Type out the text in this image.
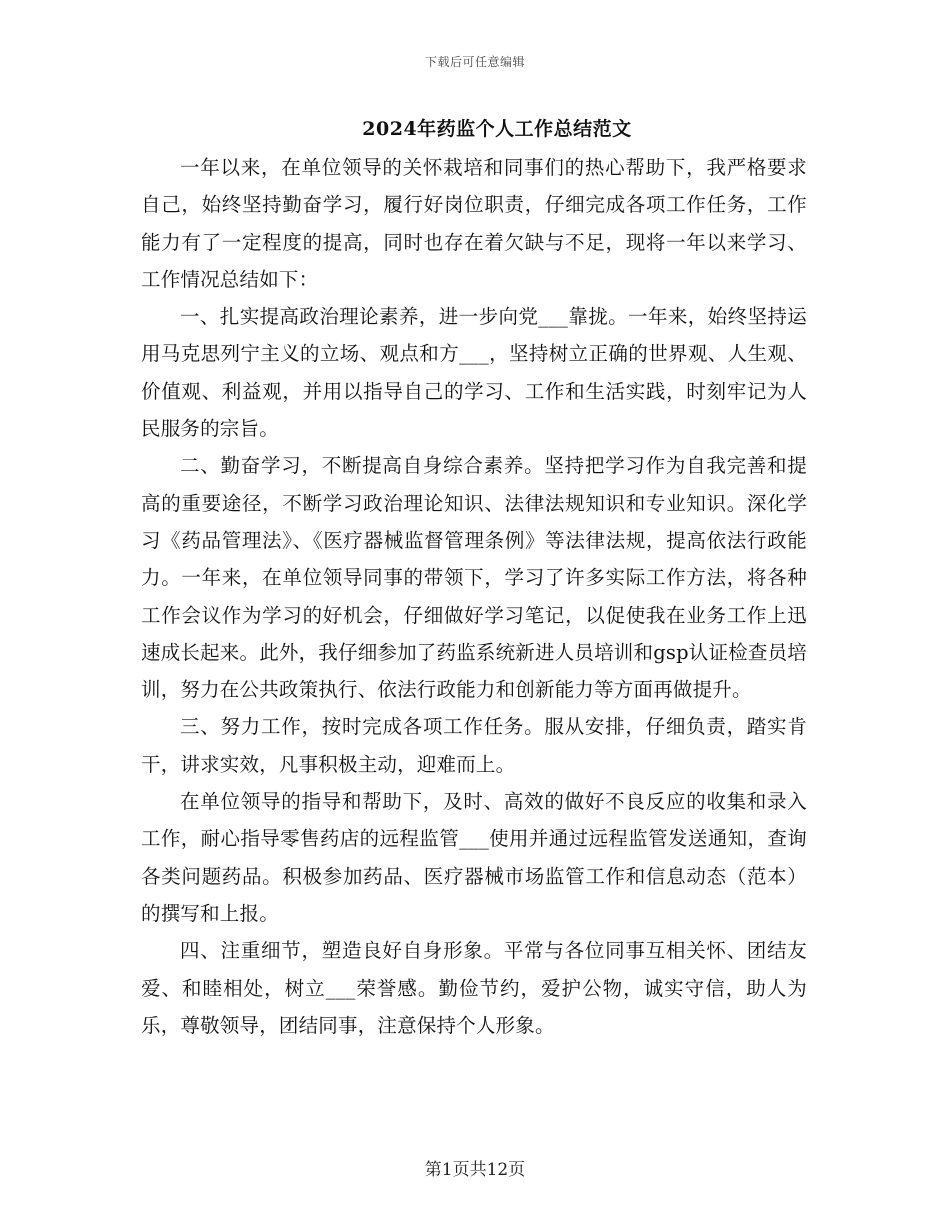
下载后可任意编辑
2024年药监个人工作总结范文

一年以来，在单位领导的关怀栽培和同事们的热心帮助下，我严格要求自己，始终坚持勤奋学习，履行好岗位职责，仔细完成各项工作任务，工作能力有了一定程度的提高，同时也存在着欠缺与不足，现将一年以来学习、工作情况总结如下：

一、扎实提高政治理论素养，进一步向党___靠拢。一年来，始终坚持运用马克思列宁主义的立场、观点和方___，坚持树立正确的世界观、人生观、价值观、利益观，并用以指导自己的学习、工作和生活实践，时刻牢记为人民服务的宗旨。

二、勤奋学习，不断提高自身综合素养。坚持把学习作为自我完善和提高的重要途径，不断学习政治理论知识、法律法规知识和专业知识。深化学习《药品管理法》、《医疗器械监督管理条例》等法律法规，提高依法行政能力。一年来，在单位领导同事的带领下，学习了许多实际工作方法，将各种工作会议作为学习的好机会，仔细做好学习笔记，以促使我在业务工作上迅速成长起来。此外，我仔细参加了药监系统新进人员培训和gsp认证检查员培训，努力在公共政策执行、依法行政能力和创新能力等方面再做提升。

三、努力工作，按时完成各项工作任务。服从安排，仔细负责，踏实肯干，讲求实效，凡事积极主动，迎难而上。

在单位领导的指导和帮助下，及时、高效的做好不良反应的收集和录入工作，耐心指导零售药店的远程监管___使用并通过远程监管发送通知，查询各类问题药品。积极参加药品、医疗器械市场监管工作和信息动态（范本）的撰写和上报。

四、注重细节，塑造良好自身形象。平常与各位同事互相关怀、团结友爱、和睦相处，树立___荣誉感。勤俭节约，爱护公物，诚实守信，助人为乐，尊敬领导，团结同事，注意保持个人形象。

第1页共12页
